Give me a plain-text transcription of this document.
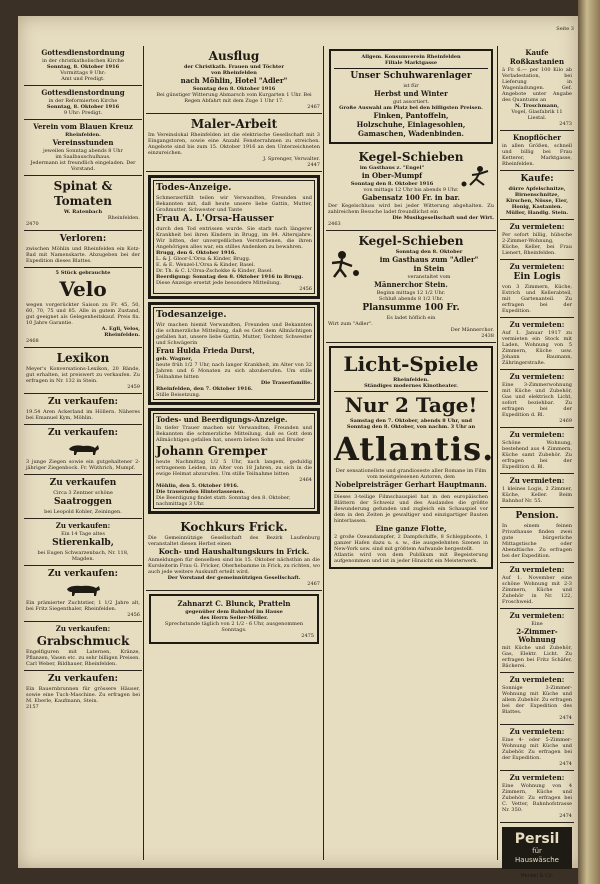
Gottesdienstordnung

in der christkatholischen Kirche

Sonntag, 8. Oktober 1916

Vormittags 9 Uhr:

Amt und Predigt.

Gottesdienstordnung

in der Reformierten Kirche

Sonntag, 8. Oktober 1916

9 Uhr: Predigt.

Verein vom Blauen Kreuz

Rheinfelden.

Vereinsstunden

jeweilen Sonntag abends 8 Uhr

im Saalbauschulhaus.

Jedermann ist freundlich eingeladen. Der Vorstand.

Spinat &

Tomaten

W. Ratenbach

Rheinfelden.

2470

Verloren:

zwischen Möhlin und Rheinfelden ein Kotz- Bad mit Namenskarte. Abzugeben bei der Expedition dieses Blattes.

5 Stück gebrauchte

Velo

wegen vorgerückter Saison zu Fr. 45, 50, 60, 70, 75 und 85. Alle in gutem Zustand, gut geeignet als Gelegenheitskauf. Preis fix. 10 Jahre Garantie.

A. Egli, Velos,

Rheinfelden.

2468

Lexikon

Meyer's Konversations-Lexikon, 20 Bände, gut erhalten, ist preiswert zu verkaufen. Zu erfragen in Nr. 132 in Stein.

2459

Zu verkaufen:

19.54 Aren Ackerland im Höllern. Näheres bei Emanuel Kym, Möhlin.

Zu verkaufen:

3 junge Ziegen sowie ein gutgehaltener 2-jähriger Ziegenbock. Fr. Wüthrich, Mumpf.

Zu verkaufen

Circa 3 Zentner schöne

Saatroggen

bei Leopold Kohler, Zeiningen.

Zu verkaufen:

Ein 14 Tage altes

Stierenkalb,

bei Eugen Schwarzenbach, Nr. 118, Magden.

Zu verkaufen:

Ein prämierter Zuchtstier, 1 1/2 Jahre alt, bei Fritz Siegenthaler, Rheinfelden.

2456

Zu verkaufen:

Grabschmuck

Engelfiguren mit Laternen, Kränze, Pflanzen, Vasen etc. zu sehr billigen Preisen. Carl Weber, Bildhauer, Rheinfelden.

Zu verkaufen:

Ein Bauernbrunnen für grössere Häuser, sowie eine Tuch-Maschine. Zu erfragen bei M. Eberle, Kaufmann, Stein.

2157

Ausflug

der Christkath. Frauen und Töchter

von Rheinfelden

nach Möhlin, Hotel "Adler"

Sonntag den 8. Oktober 1916

Bei günstiger Witterung Abmarsch vom Kurgarten 1 Uhr. Bei Regen Abfahrt mit dem Zuge 1 Uhr 17.

2467

Maler-Arbeit

Im Vereinslokal Rheinfelden ist die elektrische Gesellschaft mit 3 Eingangstoren, sowie eine Anzahl Fensterrahmen zu streichen. Angebote sind bis zum 15. Oktober 1916 an den Unterzeichneten einzureichen.

J. Sprenger, Verwalter.

2447

Todes-Anzeige.

Schmerzerfüllt teilen wir Verwandten, Freunden und Bekannten mit, daß heute unsere liebe Gattin, Mutter, Großmutter, Schwester und Tante

Frau A. L'Orsa-Hausser

durch den Tod entrissen wurde. Sie starb nach längerer Krankheit bei ihren Kindern in Brugg, im 84. Altersjahre. Wir bitten, der unvergeßlichen Verstorbenen, die ihren Angehörigen alles war, ein stilles Andenken zu bewahren.

Brugg, den 6. Oktober 1916.

L. & J. Gloor-L'Orsa & Kinder, Brugg.

E. & E. Wenzel-L'Orsa & Kinder, Basel.

Dr. Th. & C. L'Orsa-Zschokke & Kinder, Basel.

Beerdigung: Sonntag den 8. Oktober 1916 in Brugg.

Diese Anzeige ersetzt jede besondere Mitteilung.

2456

Todesanzeige.

Wir machen hiemit Verwandten, Freunden und Bekannten die schmerzliche Mitteilung, daß es Gott dem Allmächtigen gefallen hat, unsere liebe Gattin, Mutter, Tochter, Schwester und Schwägerin

Frau Hulda Frieda Durst,

geb. Wagner,

heute früh 1/2 7 Uhr, nach langer Krankheit, im Alter von 32 Jahren und 6 Monaten zu sich abzuberufen. Um stille Teilnahme bitten

Die Trauerfamilie.

Rheinfelden, den 7. Oktober 1916.

Stille Beisetzung.

Todes- und Beerdigungs-Anzeige.

In tiefer Trauer machen wir Verwandten, Freunden und Bekannten die schmerzliche Mitteilung, daß es Gott dem Allmächtigen gefallen hat, unsern lieben Sohn und Bruder

Johann Gremper

heute Nachmittag 1/2 5 Uhr, nach langem, geduldig ertragenem Leiden, im Alter von 18 Jahren, zu sich in die ewige Heimat abzurufen. Um stille Teilnahme bitten

2464

Möhlin, den 5. Oktober 1916.

Die trauernden Hinterlassenen.

Die Beerdigung findet statt: Sonntag den 8. Oktober, nachmittags 3 Uhr.

Kochkurs Frick.

Die Gemeinnützige Gesellschaft des Bezirk Laufenburg veranstaltet diesen Herbst einen

Koch- und Haushaltungskurs in Frick.

Anmeldungen für denselben sind bis 15. Oktober nächsthin an die Kursleiterin Frau G. Fricker, Oberhebamme in Frick, zu richten, wo auch jede weitere Auskunft erteilt wird.

Der Vorstand der gemeinnützigen Gesellschaft.

2467

Zahnarzt C. Blunck, Pratteln

gegenüber dem Bahnhof im Hause

des Herrn Seiler-Möller.

Sprechstunde täglich von 2 1/2 - 6 Uhr, ausgenommen Sonntags.

2475

Allgem. Konsumverein Rheinfelden

Filiale Marktgasse

Unser Schuhwarenlager

ist für

Herbst und Winter

gut assortiert.

Große Auswahl am Platz bei den billigsten Preisen.

Finken, Pantoffeln,

Holzschuhe, Einlagesohlen,

Gamaschen, Wadenbinden.

Kegel-Schieben

im Gasthaus z. "Engel"

in Ober-Mumpf

Sonntag den 8. Oktober 1916

von mittags 12 Uhr bis abends 9 Uhr.

Gabensatz 100 Fr. in bar.

Der Kegelschluss wird bei jeder Witterung abgehalten. Zu zahlreichem Besuche ladet freundlichst ein

Die Musikgesellschaft und der Wirt.

2463

Kegel-Schieben

Sonntag den 8. Oktober

im Gasthaus zum "Adler"

in Stein

veranstaltet vom

Männerchor Stein.

Beginn mittags 12 1/2 Uhr.

Schluß abends 8 1/2 Uhr.

Plansumme 100 Fr.

Es ladet höflich ein

Wirt zum "Adler".

Der Männerchor.

2438

Licht-Spiele

Rheinfelden.

Ständiges modernes Kinotheater.

Nur 2 Tage!

Samstag den 7. Oktober, abends 8 Uhr, und

Sonntag den 8. Oktober, von nachm. 3 Uhr an

Atlantis.

Der sensationellste und grandioseste aller Romane im Film vom meistgelesenen Autoren, dem

Nobelpreisträger Gerhart Hauptmann.

Dieses 3-teilige Filmschauspiel hat in den europäischen Blättern der Schweiz und des Auslandes die größte Bewunderung gefunden und zugleich ein Schauspiel vor dem in den Zeiten je gewaltiger und einzigartiger Bauten hinterlassen.

Eine ganze Flotte,

2 große Ozeandampfer, 2 Dampfschiffe, 8 Schleppboote, 1 ganzer Hafen dazu u. s. w., die ausgedehnten Szenen in New-York usw. sind mit größtem Aufwande hergestellt.

Atlantis wird von dem Publikum mit Begeisterung aufgenommen und ist in jeder Hinsicht ein Meisterwerk.

Kaufe

Roßkastanien

à Fr. 6.— per 100 Kilo ab Verladestation, bei Lieferung in Wagenladungen. Gef. Angebote unter Angabe des Quantums an

N. Troschmann,

Vogel, Glasfabrik 11 Liestal.

2473

Knopflöcher

in allen Größen, schnell und billig bei Frau Ketterer, Marktgasse, Rheinfelden.

Kaufe:

dürre Apfelschnitze, Birnenschnitze, Kirschen, Nüsse, Eier, Honig, Kastanien.

Müller, Handlg. Stein.

Zu vermieten:

Per sofort billig, hübsche 2-Zimmer-Wohnung, Küche, Keller, bei Frau Lienert, Rheinfelden.

Zu vermieten:

Ein Logis

von 3 Zimmern, Küche, Estrich und Kellerabteil, mit Gartenanteil. Zu erfragen bei der Expedition.

Zu vermieten:

Auf 1. Januar 1917 zu vermieten ein Stock mit Laden, Wohnung von 5 Zimmern, Küche usw. Johann Baumann, Zähringerstraße.

Zu vermieten:

Eine 3-Zimmerwohnung mit Küche und Zubehör, Gas und elektrisch Licht, sofort beziehbar. Zu erfragen bei der Expedition d. Bl.

2469

Zu vermieten:

Schöne Wohnung, bestehend aus 4 Zimmern, Küche samt Zubehör. Zu erfragen bei der Expedition d. Bl.

Zu vermieten:

1 kleines Logis, 2 Zimmer, Küche, Keller. Beim Bahnhof Nr. 55.

Pension.

In einem feinen Privathause finden zwei gute bürgerliche Mittagstische oder Abendtische. Zu erfragen bei der Expedition.

Zu vermieten:

Auf 1. November eine schöne Wohnung mit 2-3 Zimmern, Küche und Zubehör in Nr. 122, Froschweid.

Zu vermieten:

Eine

2-Zimmer-Wohnung

mit Küche und Zubehör, Gas, Elektr. Licht. Zu erfragen bei Fritz Schäfer, Bäckerei.

Zu vermieten:

Sonnige 3-Zimmer-Wohnung mit Küche und allem Zubehör. Zu erfragen bei der Expedition des Blattes.

2474

Zu vermieten:

Eine 4- oder 5-Zimmer-Wohnung mit Küche und Zubehör. Zu erfragen bei der Expedition.

2474

Zu vermieten:

Eine Wohnung von 4 Zimmern, Küche und Zubehör. Zu erfragen bei C. Vetter, Bahnhofstrasse Nr. 350.

2474

Persil

für

Hauswäsche

Henkel & Co.

Seite 3
